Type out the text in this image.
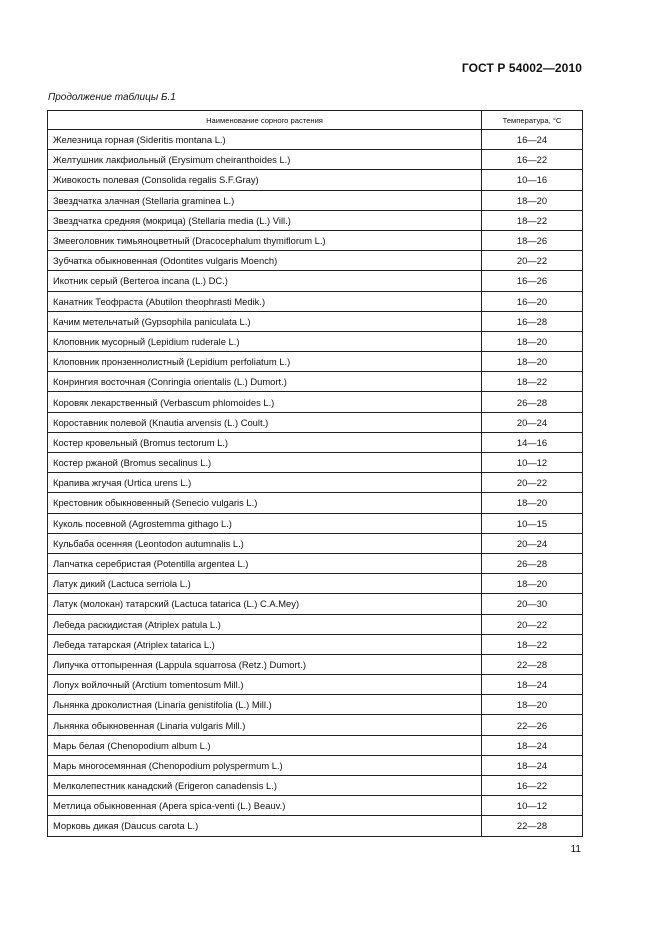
ГОСТ Р 54002—2010
Продолжение таблицы Б.1
Наименование сорного растения	Температура, °С
Железница горная (Sideritis montana L.)	16—24
Желтушник лакфиольный (Erysimum cheiranthoides L.)	16—22
Живокость полевая (Consolida regalis S.F.Gray)	10—16
Звездчатка злачная (Stellaria graminea L.)	18—20
Звездчатка средняя (мокрица) (Stellaria media (L.) Vill.)	18—22
Змееголовник тимьяноцветный (Dracocephalum thymiflorum L.)	18—26
Зубчатка обыкновенная (Odontites vulgaris Moench)	20—22
Икотник серый (Berteroa incana (L.) DC.)	16—26
Канатник Теофраста (Abutilon theophrasti Medik.)	16—20
Качим метельчатый (Gypsophila paniculata L.)	16—28
Клоповник мусорный (Lepidium ruderale L.)	18—20
Клоповник пронзеннолистный (Lepidium perfoliatum L.)	18—20
Конрингия восточная (Conringia orientalis (L.) Dumort.)	18—22
Коровяк лекарственный (Verbascum phlomoides L.)	26—28
Короставник полевой (Knautia arvensis (L.) Coult.)	20—24
Костер кровельный (Bromus tectorum L.)	14—16
Костер ржаной (Bromus secalinus L.)	10—12
Крапива жгучая (Urtica urens L.)	20—22
Крестовник обыкновенный (Senecio vulgaris L.)	18—20
Куколь посевной (Agrostemma githago L.)	10—15
Кульбаба осенняя (Leontodon autumnalis L.)	20—24
Лапчатка серебристая (Potentilla argentea L.)	26—28
Латук дикий (Lactuca serriola L.)	18—20
Латук (молокан) татарский (Lactuca tatarica (L.) C.A.Mey)	20—30
Лебеда раскидистая (Atriplex patula L.)	20—22
Лебеда татарская (Atriplex tatarica L.)	18—22
Липучка оттопыренная (Lappula squarrosa (Retz.) Dumort.)	22—28
Лопух войлочный (Arctium tomentosum Mill.)	18—24
Льнянка дроколистная (Linaria genistifolia (L.) Mill.)	18—20
Льнянка обыкновенная (Linaria vulgaris Mill.)	22—26
Марь белая (Chenopodium album L.)	18—24
Марь многосемянная (Chenopodium polyspermum L.)	18—24
Мелколепестник канадский (Erigeron canadensis L.)	16—22
Метлица обыкновенная (Apera spica-venti (L.) Beauv.)	10—12
Морковь дикая (Daucus carota L.)	22—28
11
